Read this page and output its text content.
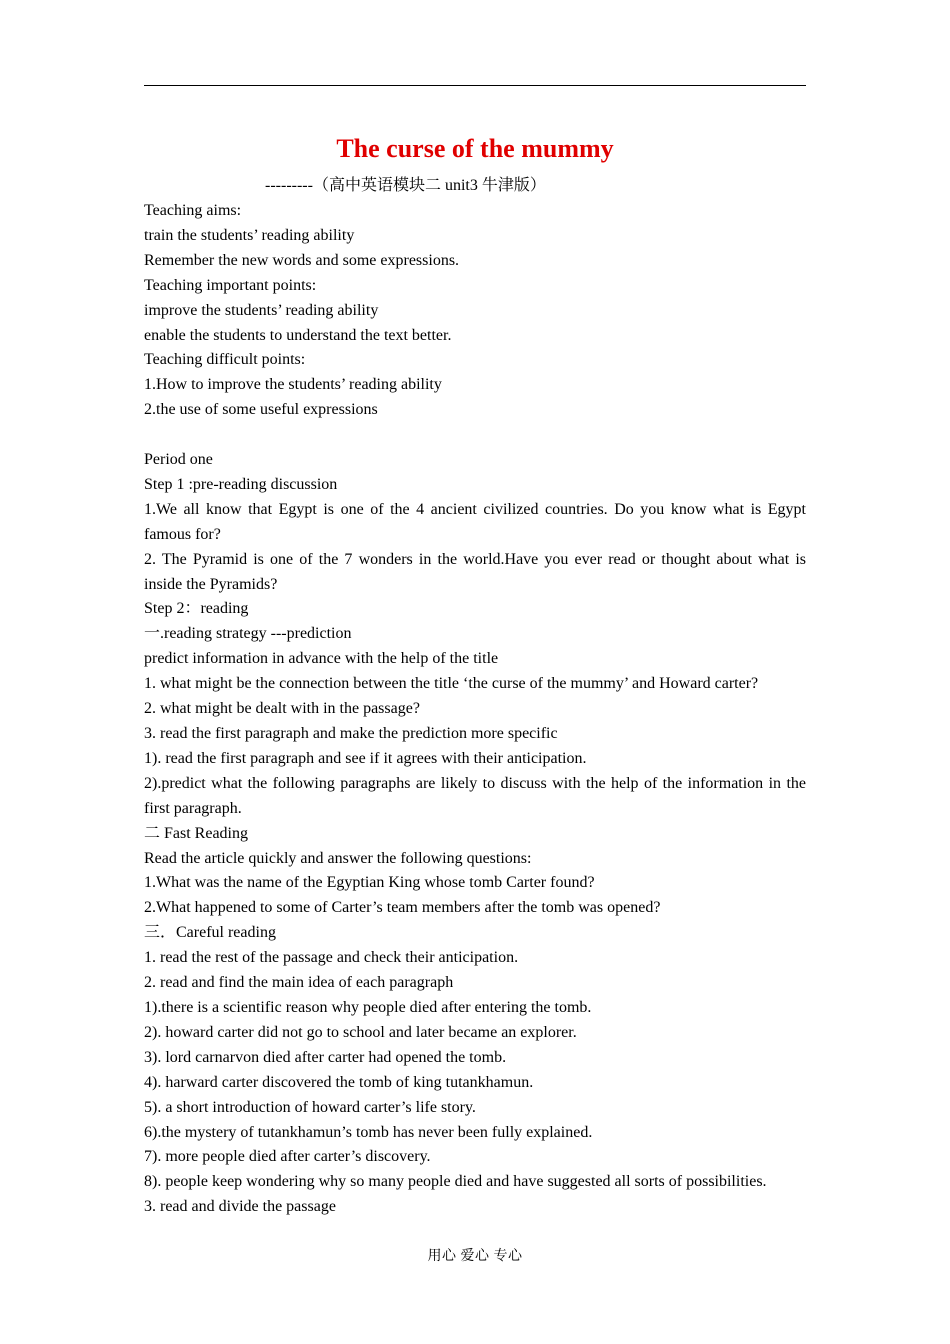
The curse of the mummy
---------（高中英语模块二 unit3 牛津版）
Teaching aims:
train the students’ reading ability
Remember the new words and some expressions.
Teaching important points:
improve the students’ reading ability
enable the students to understand the text better.
Teaching difficult points:
1.How to improve the students’ reading ability
2.the use of some useful expressions
Period one
Step 1 :pre-reading discussion
1.We all know that Egypt is one of the 4 ancient civilized countries. Do you know what is Egypt famous for?
2. The Pyramid is one of the 7 wonders in the world.Have you ever read or thought about what is inside the Pyramids?
Step 2：reading
一.reading strategy ---prediction
predict information in advance with the help of the title
1. what might be the connection between the title ‘the curse of the mummy’ and Howard carter?
2. what might be dealt with in the passage?
3. read the first paragraph and make the prediction more specific
1). read the first paragraph and see if it agrees with their anticipation.
2).predict what the following paragraphs are likely to discuss with the help of the information in the first paragraph.
二 Fast Reading
Read the article quickly and answer the following questions:
1.What was the name of the Egyptian King whose tomb Carter found?
2.What happened to some of Carter’s team members after the tomb was opened?
三．Careful reading
1. read the rest of the passage and check their anticipation.
2. read and find the main idea of each paragraph
1).there is a scientific reason why people died after entering the tomb.
2). howard carter did not go to school and later became an explorer.
3). lord carnarvon died after carter had opened the tomb.
4). harward carter discovered the tomb of king tutankhamun.
5). a short introduction of howard carter’s life story.
6).the mystery of tutankhamun’s tomb has never been fully explained.
7). more people died after carter’s discovery.
8). people keep wondering why so many people died and have suggested all sorts of possibilities.
3. read and divide the passage
用心 爱心 专心
